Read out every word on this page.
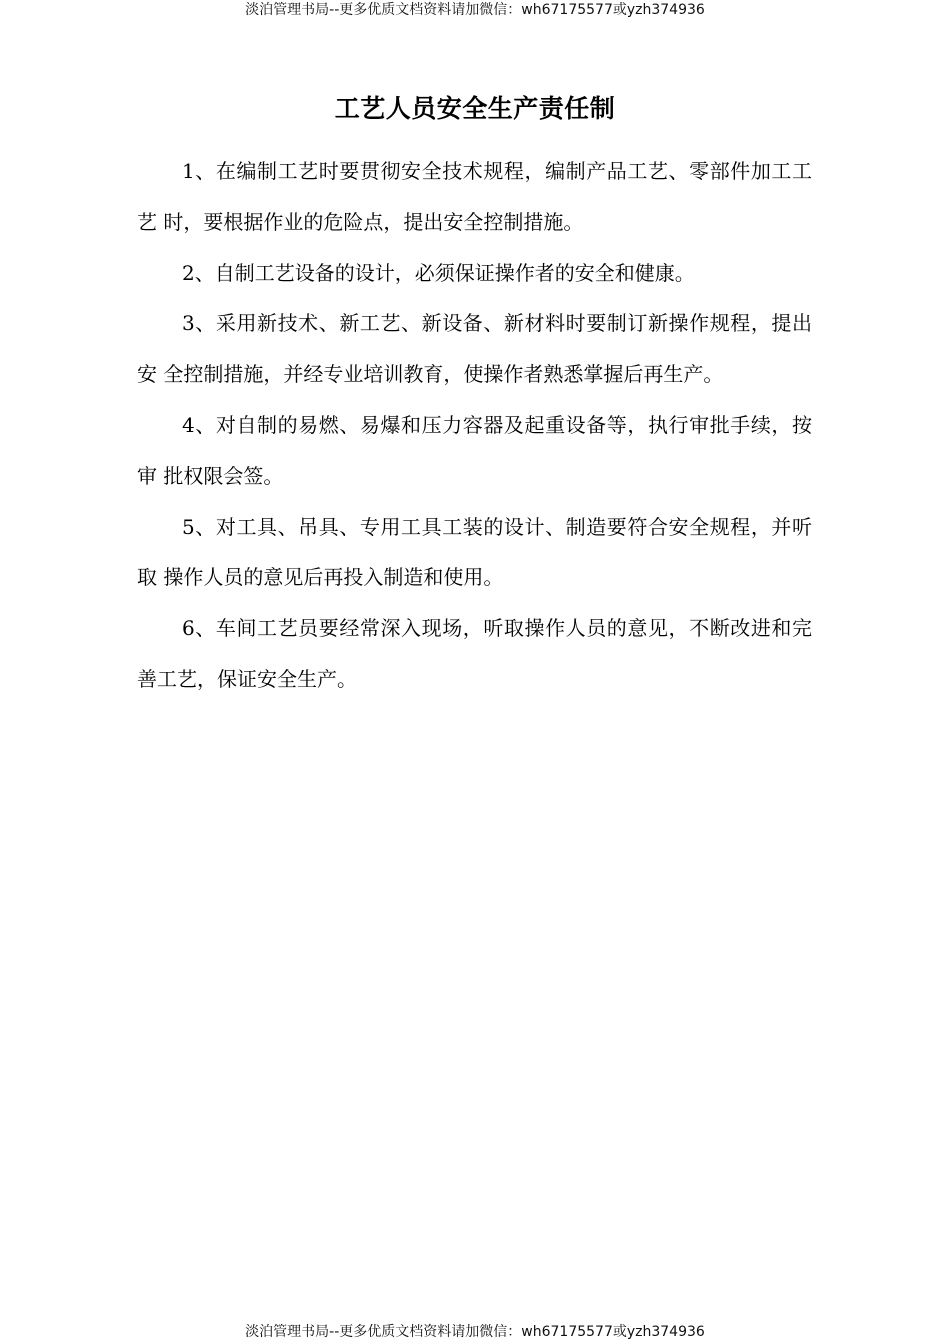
淡泊管理书局--更多优质文档资料请加微信：wh67175577或yzh374936
工艺人员安全生产责任制

1、在编制工艺时要贯彻安全技术规程，编制产品工艺、零部件加工工艺 时，要根据作业的危险点，提出安全控制措施。

2、自制工艺设备的设计，必须保证操作者的安全和健康。

3、采用新技术、新工艺、新设备、新材料时要制订新操作规程，提出安 全控制措施，并经专业培训教育，使操作者熟悉掌握后再生产。

4、对自制的易燃、易爆和压力容器及起重设备等，执行审批手续，按审 批权限会签。

5、对工具、吊具、专用工具工装的设计、制造要符合安全规程，并听取 操作人员的意见后再投入制造和使用。

6、车间工艺员要经常深入现场，听取操作人员的意见，不断改进和完善工艺，保证安全生产。

淡泊管理书局--更多优质文档资料请加微信：wh67175577或yzh374936
